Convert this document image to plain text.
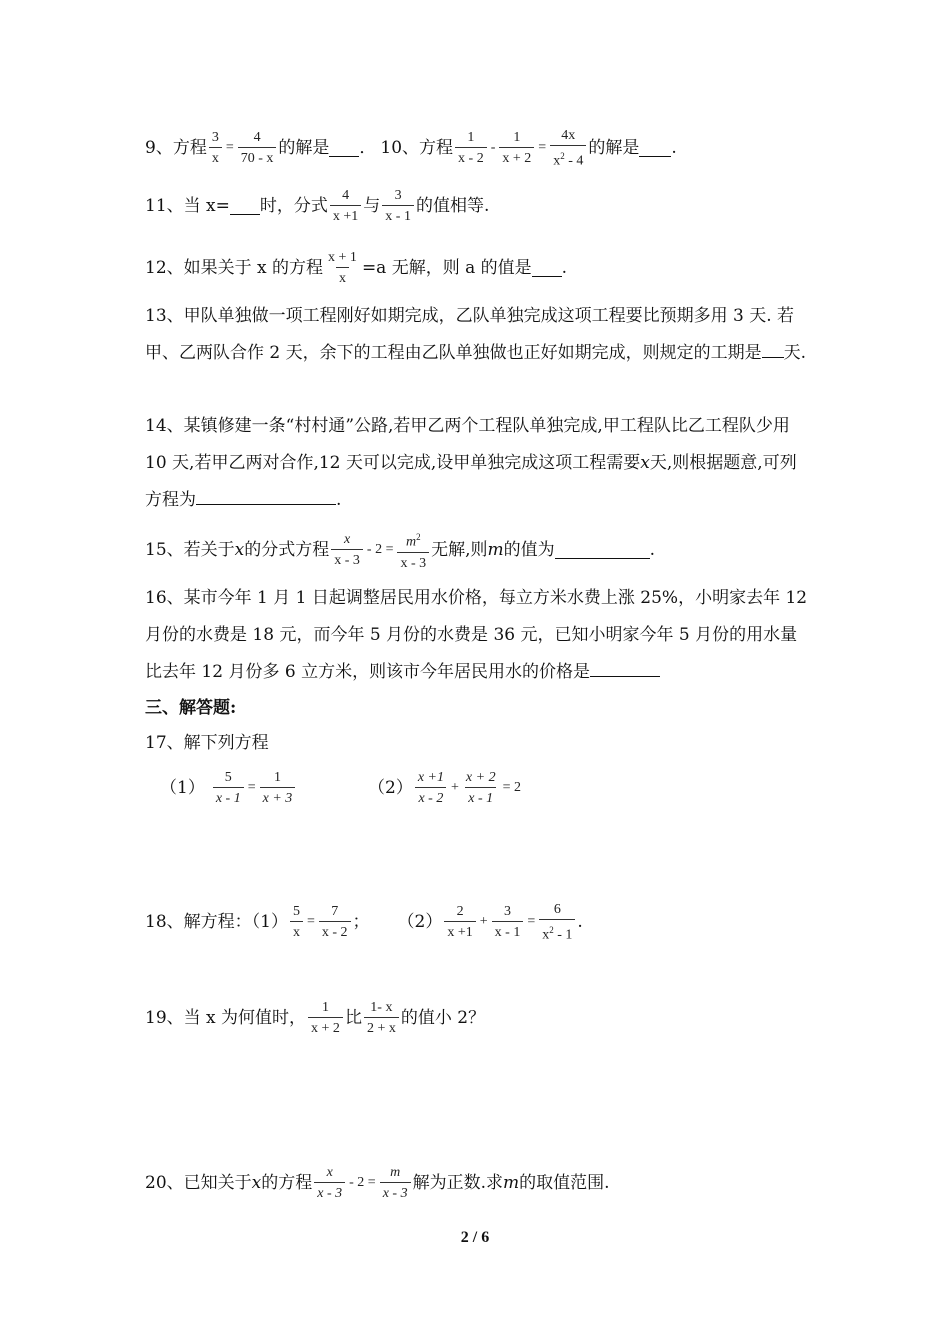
9、方程 $\frac{3}{x} = \frac{4}{70 - x}$ 的解是 ． 10、方程 $\frac{1}{x - 2} - \frac{1}{x + 2} = \frac{4x}{x^2 - 4}$ 的解是 .
11、当 x= 时，分式 $\frac{4}{x +1}$ 与 $\frac{3}{x - 1}$ 的值相等.
12、如果关于 x 的方程 $\frac{x + 1}{x} =a$ 无解，则 a 的值是 .
13、甲队单独做一项工程刚好如期完成，乙队单独完成这项工程要比预期多用 3 天. 若甲、乙两队合作 2 天，余下的工程由乙队单独做也正好如期完成，则规定的工期是 天.
14、某镇修建一条“村村通”公路,若甲乙两个工程队单独完成,甲工程队比乙工程队少用 10 天,若甲乙两对合作,12 天可以完成,设甲单独完成这项工程需要x天,则根据题意,可列方程为	.
15、若关于 x 的分式方程 $\frac{x}{x - 3} - 2 = \frac{m^2}{x - 3}$ 无解,则 m 的值为	.
16、某市今年 1 月 1 日起调整居民用水价格，每立方米水费上涨 25%，小明家去年 12 月份的水费是 18 元，而今年 5 月份的水费是 36 元，已知小明家今年 5 月份的用水量比去年 12 月份多 6 立方米，则该市今年居民用水的价格是
三、解答题:
17、解下列方程
$(1) \frac{5}{x - 1} = \frac{1}{x + 3}$	$(2) \frac{x +1}{x - 2} + \frac{x + 2}{x - 1} = 2$
18、解方程：$(1) \frac{5}{x} = \frac{7}{x - 2}$ ； $(2) \frac{2}{x +1} + \frac{3}{x - 1} = \frac{6}{x^2 - 1}$ .
19、当 x 为何值时， $\frac{1}{x + 2}$ 比 $\frac{1- x}{2 + x}$ 的值小 2？
20、已知关于 x 的方程 $\frac{x}{x - 3} - 2 = \frac{m}{x - 3}$ 解为正数.求 m 的取值范围.
2 / 6
